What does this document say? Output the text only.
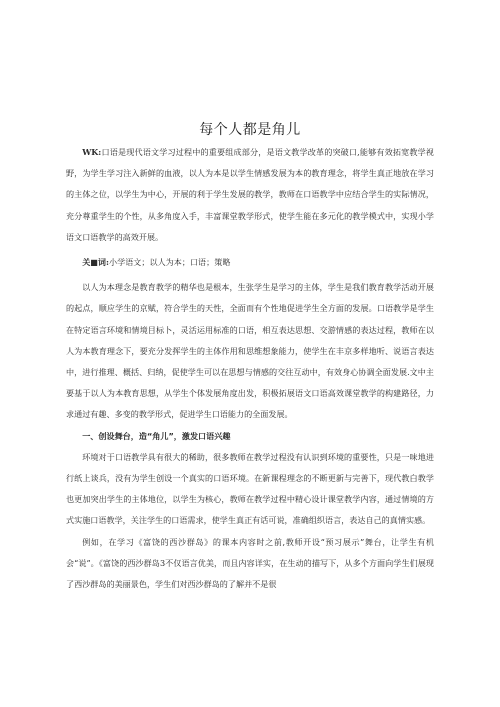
每个人都是角儿

WK:口语是现代语文学习过程中的重要组成部分，是语文教学改革的突破口,能够有效拓宽教学视野，为学生学习注入新鲜的血液，以人为本是以学生情感发展为本的教育理念，将学生真正地放在学习的主体之位，以学生为中心，开展的利于学生发展的教学，教师在口语教学中应结合学生的实际情况，充分尊重学生的个性，从多角度入手，丰富课堂教学形式，使学生能在多元化的教学模式中，实现小学语文口语教学的高效开展。

关■词:小学语文；以人为本；口语；策略

以人为本理念是教育教学的精华也是根本，生张学生是学习的主体，学生是我们教育教学活动开展的起点，顺应学生的京赋，符合学生的天性，全面而有个性地促进学生全方面的发展。口语教学是学生在特定语言环境和情境目标卜，灵活运用标准的口语，相互表达思想、交游情感的表达过程，教师在以人为本教育理念下，要充分发挥学生的主体作用和思维想象能力，使学生在丰京多样地听、说语言表达中，进行推理、概括、归纳，促使学生可以在思想与情感的交往互动中，有效身心协调全面发展.文中主要基于以人为本教育思想，从学生个体发展角度出发，积极拓展语文口语高效课堂教学的构建路径，力求通过有趣、多变的教学形式，促进学生口语能力的全面发展。

一、创设舞台，造“角儿”，激发口语兴趣

环境对于口语教学具有很大的稀助，很多教师在教学过程没有认识到环境的重要性，只是一味地进行纸上谈兵，没有为学生创设一个真实的口语环境。在新课程理念的不断更新与完善下，现代教白教学也更加突出学生的主体地位，以学生为核心，教师在教学过程中精心设计课堂教学内容，通过情境的方式实施口语教学，关注学生的口语需求，使学生真正有话可说，准确组织语言，表达自己的真情实感。

例如，在学习《富饶的西沙群岛》的课本内容时之前,教师开设“预习展示”舞台，让学生有机会“说”。《富饶的西沙群岛3不仅语言优美，而且内容详实，在生动的描写下，从多个方面向学生们展现了西沙群岛的美丽景色，学生们对西沙群岛的了解并不是很
